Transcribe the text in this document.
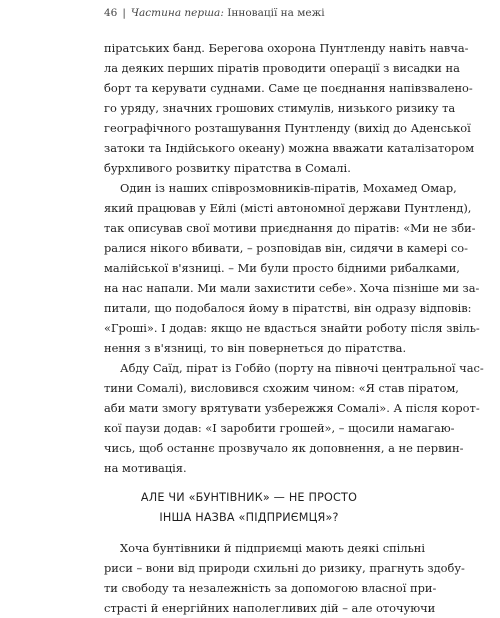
46 | Частина перша: Інновації на межі
піратських банд. Берегова охорона Пунтленду навіть навча-
ла деяких перших піратів проводити операції з висадки на
борт та керувати суднами. Саме це поєднання напівзвалено-
го уряду, значних грошових стимулів, низького ризику та
географічного розташування Пунтленду (вихід до Аденської
затоки та Індійського океану) можна вважати каталізатором
бурхливого розвитку піратства в Сомалі.
Один із наших співрозмовників-піратів, Мохамед Омар,
який працював у Ейлі (місті автономної держави Пунтленд),
так описував свої мотиви приєднання до піратів: «Ми не зби-
ралися нікого вбивати, – розповідав він, сидячи в камері со-
малійської в'язниці. – Ми були просто бідними рибалками,
на нас напали. Ми мали захистити себе». Хоча пізніше ми за-
питали, що подобалося йому в піратстві, він одразу відповів:
«Гроші». І додав: якщо не вдасться знайти роботу після звіль-
нення з в'язниці, то він повернеться до піратства.
Абду Саїд, пірат із Гобйо (порту на півночі центральної час-
тини Сомалі), висловився схожим чином: «Я став піратом,
аби мати змогу врятувати узбережжя Сомалі». А після корот-
кої паузи додав: «І заробити грошей», – щосили намагаю-
чись, щоб останнє прозвучало як доповнення, а не первин-
на мотивація.
АЛЕ ЧИ «БУНТІВНИК» — НЕ ПРОСТО
ІНША НАЗВА «ПІДПРИЄМЦЯ»?
Хоча бунтівники й підприємці мають деякі спільні
риси – вони від природи схильні до ризику, прагнуть здобу-
ти свободу та незалежність за допомогою власної при-
страсті й енергійних наполегливих дій – але оточуючи
